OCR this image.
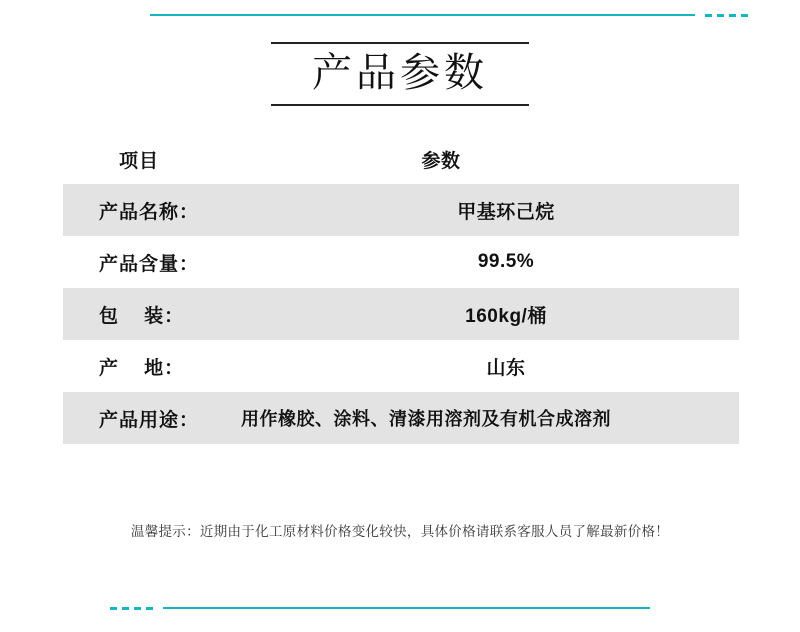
产品参数
项目	参数
产品名称：	甲基环己烷
产品含量：	99.5%
包    装：	160kg/桶
产    地：	山东
产品用途：	用作橡胶、涂料、清漆用溶剂及有机合成溶剂
温馨提示：近期由于化工原材料价格变化较快，具体价格请联系客服人员了解最新价格！
